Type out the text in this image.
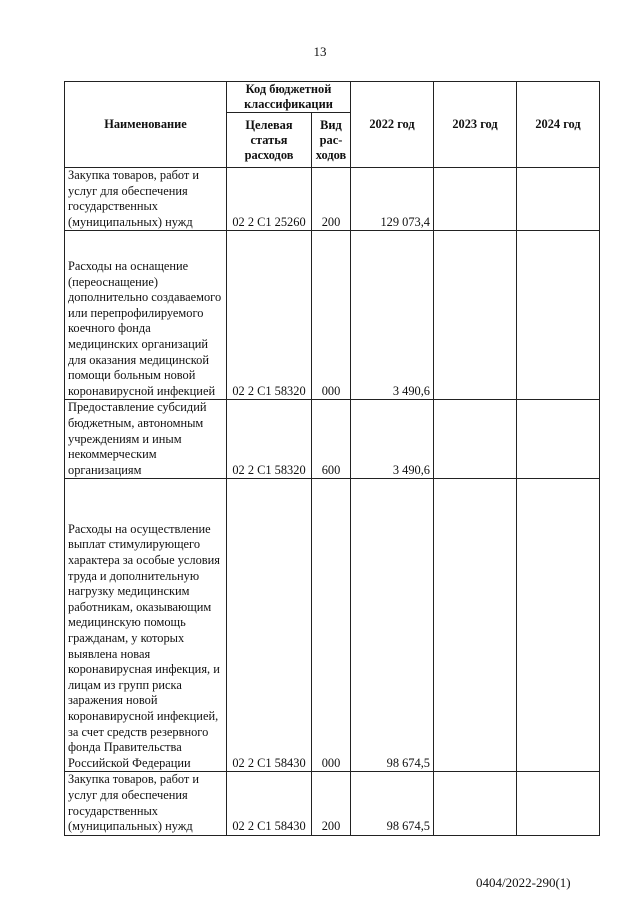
13
Наименование	Код бюджетной классификации		2022 год	2023 год	2024 год
	Целевая статья расходов	Вид рас-ходов			
Закупка товаров, работ и услуг для обеспечения государственных (муниципальных) нужд	02 2 C1 25260	200	129 073,4		
Расходы на оснащение (переоснащение) дополнительно создаваемого или перепрофилируемого коечного фонда медицинских организаций для оказания медицинской помощи больным новой коронавирусной инфекцией	02 2 C1 58320	000	3 490,6		
Предоставление субсидий бюджетным, автономным учреждениям и иным некоммерческим организациям	02 2 C1 58320	600	3 490,6		
Расходы на осуществление выплат стимулирующего характера за особые условия труда и дополнительную нагрузку медицинским работникам, оказывающим медицинскую помощь гражданам, у которых выявлена новая коронавирусная инфекция, и лицам из групп риска заражения новой коронавирусной инфекцией, за счет средств резервного фонда Правительства Российской Федерации	02 2 C1 58430	000	98 674,5		
Закупка товаров, работ и услуг для обеспечения государственных (муниципальных) нужд	02 2 C1 58430	200	98 674,5		
0404/2022-290(1)
